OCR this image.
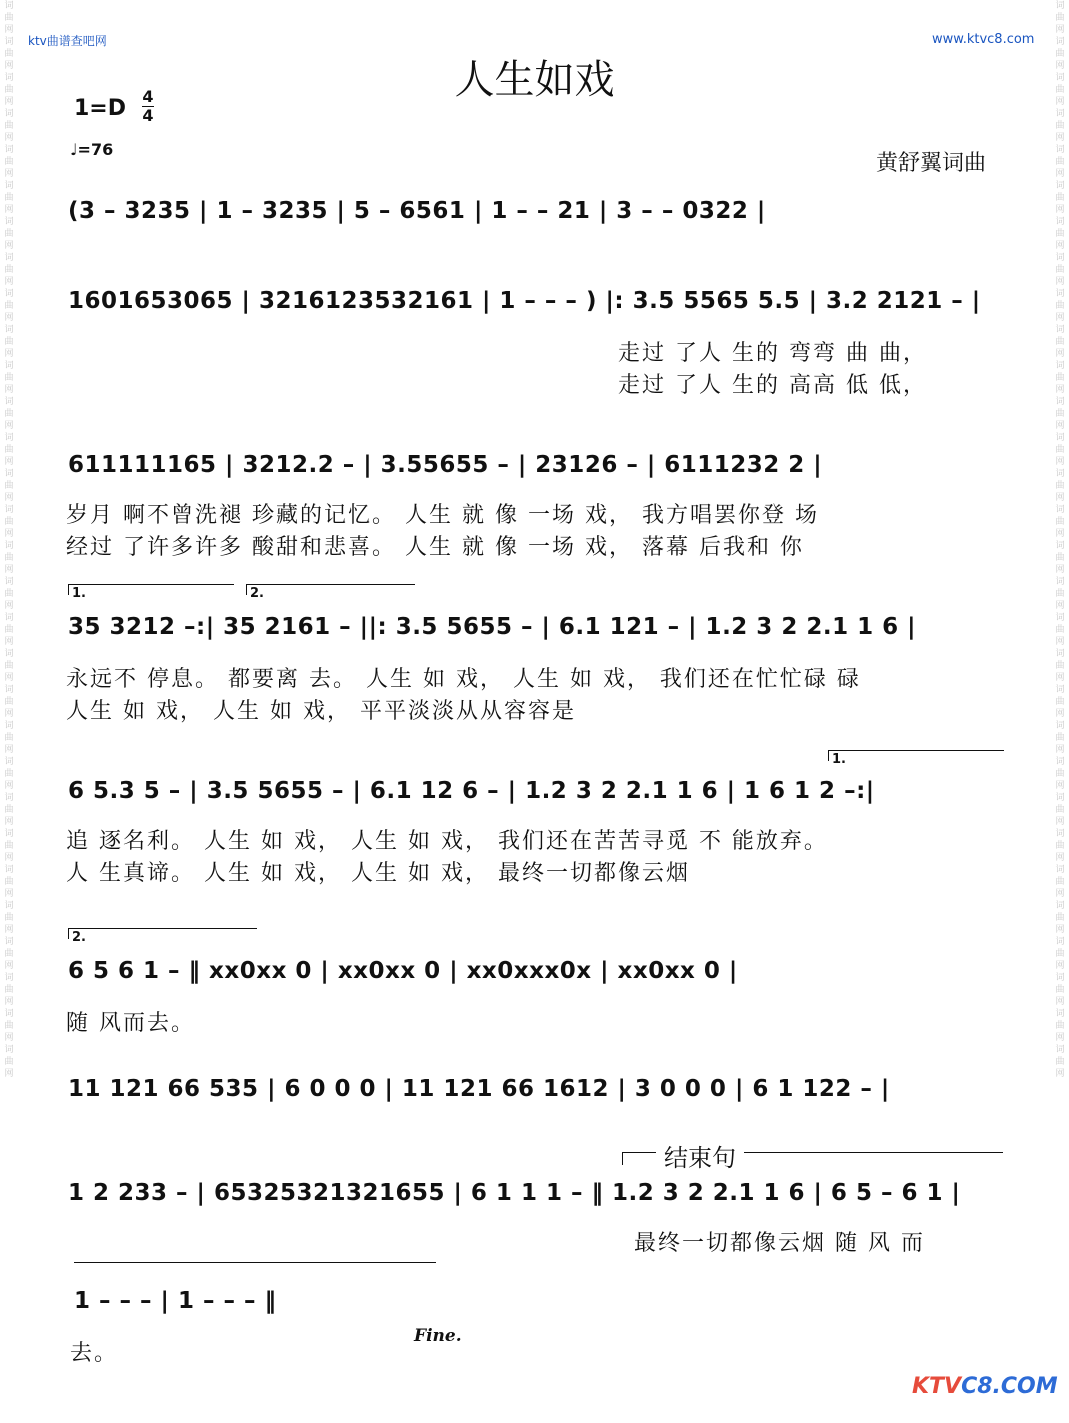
词曲网词曲网词曲网词曲网词曲网词曲网词曲网词曲网词曲网词曲网词曲网词曲网词曲网词曲网词曲网词曲网词曲网词曲网词曲网词曲网词曲网词曲网词曲网词曲网词曲网词曲网词曲网词曲网词曲网词曲网
词曲网词曲网词曲网词曲网词曲网词曲网词曲网词曲网词曲网词曲网词曲网词曲网词曲网词曲网词曲网词曲网词曲网词曲网词曲网词曲网词曲网词曲网词曲网词曲网词曲网词曲网词曲网词曲网词曲网词曲网
ktv曲谱查吧网	www.ktvc8.com
人生如戏
1=D 4
4
♩=76
黄舒翼词曲
(3 – 3235 | 1 – 3235 | 5 – 6561 | 1 – – 21 | 3 – – 0322 |
1601653065 | 3216123532161 | 1 – – – ) |: 3.5 5565 5.5 | 3.2 2121 – |
走过 了人 生的 弯弯 曲 曲，
走过 了人 生的 高高 低 低，
611111165 | 3212.2 – | 3.55655 – | 23126 – | 6111232 2 |
岁月 啊不曾洗褪 珍藏的记忆。 人生 就 像 一场 戏， 我方唱罢你登 场
经过 了许多许多 酸甜和悲喜。 人生 就 像 一场 戏， 落幕 后我和 你
1.	2.
35 3212 –:| 35 2161 – ||: 3.5 5655 – | 6.1 121 – | 1.2 3 2 2.1 1 6 |
永远不 停息。 都要离 去。 人生 如 戏， 人生 如 戏， 我们还在忙忙碌 碌
人生 如 戏， 人生 如 戏， 平平淡淡从从容容是
1.
6 5.3 5 – | 3.5 5655 – | 6.1 12 6 – | 1.2 3 2 2.1 1 6 | 1 6 1 2 –:|
追 逐名利。 人生 如 戏， 人生 如 戏， 我们还在苦苦寻觅 不 能放弃。
人 生真谛。 人生 如 戏， 人生 如 戏， 最终一切都像云烟
2.
6 5 6 1 – ‖ xx0xx 0 | xx0xx 0 | xx0xxx0x | xx0xx 0 |
随 风而去。
11 121 66 535 | 6 0 0 0 | 11 121 66 1612 | 3 0 0 0 | 6 1 122 – |
结束句
1 2 233 – | 65325321321655 | 6 1 1 1 – ‖ 1.2 3 2 2.1 1 6 | 6 5 – 6 1 |
最终一切都像云烟 随 风 而
1 – – – | 1 – – – ‖
Fine.
去。
KTVC8.COM
